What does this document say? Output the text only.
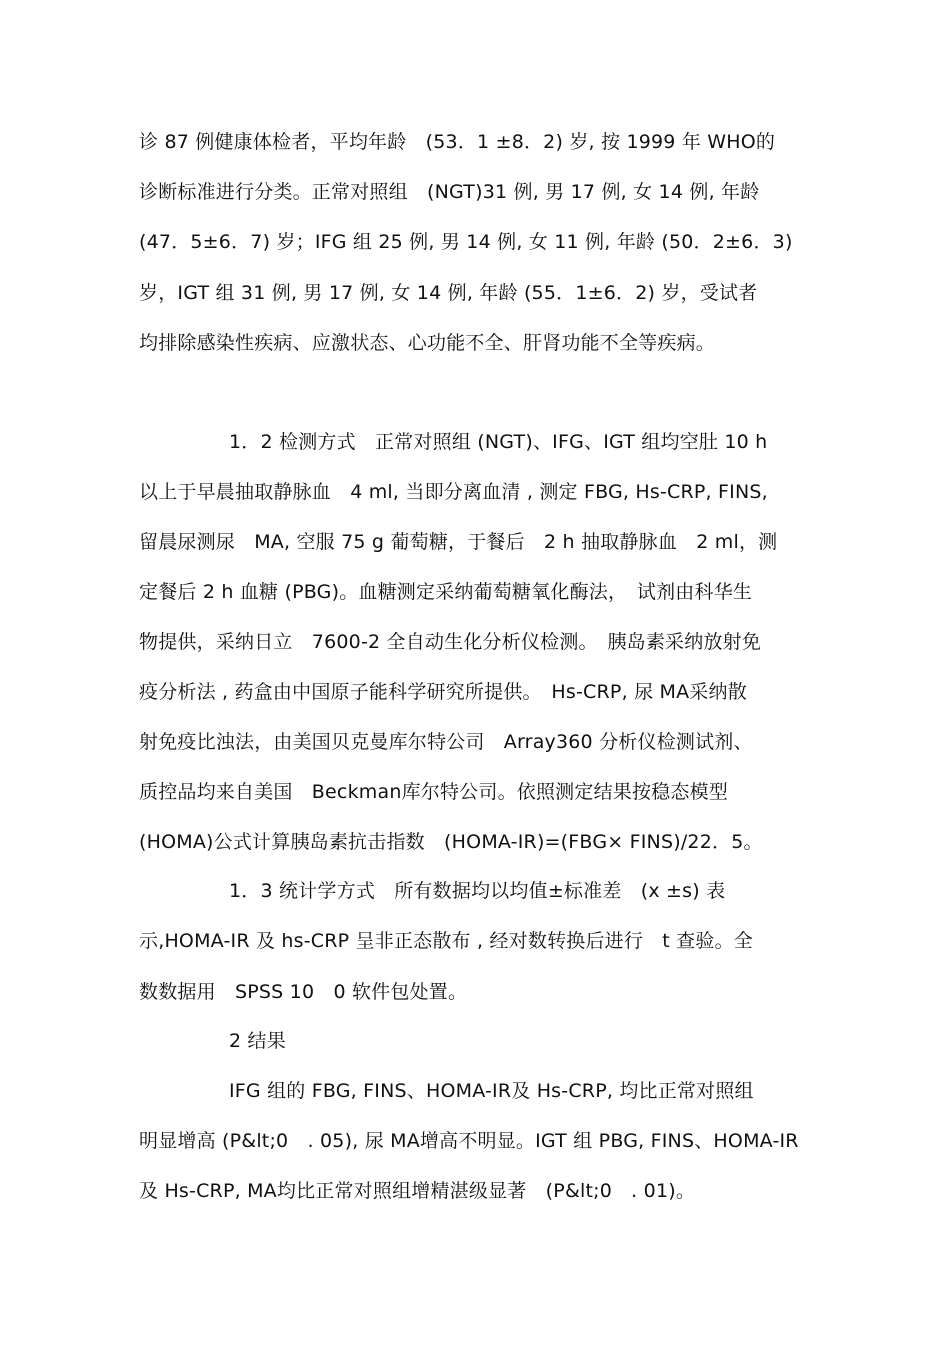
诊 87 例健康体检者，平均年龄　(53．1 ±8．2) 岁, 按 1999 年 WHO的
诊断标准进行分类。正常对照组　(NGT)31 例, 男 17 例, 女 14 例, 年龄
(47．5±6．7) 岁；IFG 组 25 例, 男 14 例, 女 11 例, 年龄 (50．2±6．3)
岁，IGT 组 31 例, 男 17 例, 女 14 例, 年龄 (55．1±6．2) 岁，受试者
均排除感染性疾病、应激状态、心功能不全、肝肾功能不全等疾病。
1．2 检测方式　正常对照组 (NGT)、IFG、IGT 组均空肚 10 h
以上于早晨抽取静脉血　4 ml, 当即分离血清 , 测定 FBG, Hs-CRP, FINS,
留晨尿测尿　MA, 空服 75 g 葡萄糖，于餐后　2 h 抽取静脉血　2 ml，测
定餐后 2 h 血糖 (PBG)。血糖测定采纳葡萄糖氧化酶法，　试剂由科华生
物提供，采纳日立　7600-2 全自动生化分析仪检测。　胰岛素采纳放射免
疫分析法 , 药盒由中国原子能科学研究所提供。　Hs-CRP, 尿 MA采纳散
射免疫比浊法，由美国贝克曼库尔特公司　Array360 分析仪检测试剂、
质控品均来自美国　Beckman库尔特公司。依照测定结果按稳态模型
(HOMA)公式计算胰岛素抗击指数　(HOMA-IR)=(FBG× FINS)/22．5。
1．3 统计学方式　所有数据均以均值±标准差　(x ±s) 表
示,HOMA-IR 及 hs-CRP 呈非正态散布 , 经对数转换后进行　t 查验。全
数数据用　SPSS 10　0 软件包处置。
2 结果
IFG 组的 FBG, FINS、HOMA-IR及 Hs-CRP, 均比正常对照组
明显增高 (P&lt;0　. 05), 尿 MA增高不明显。IGT 组 PBG, FINS、HOMA-IR
及 Hs-CRP, MA均比正常对照组增精湛级显著　(P&lt;0　. 01)。
